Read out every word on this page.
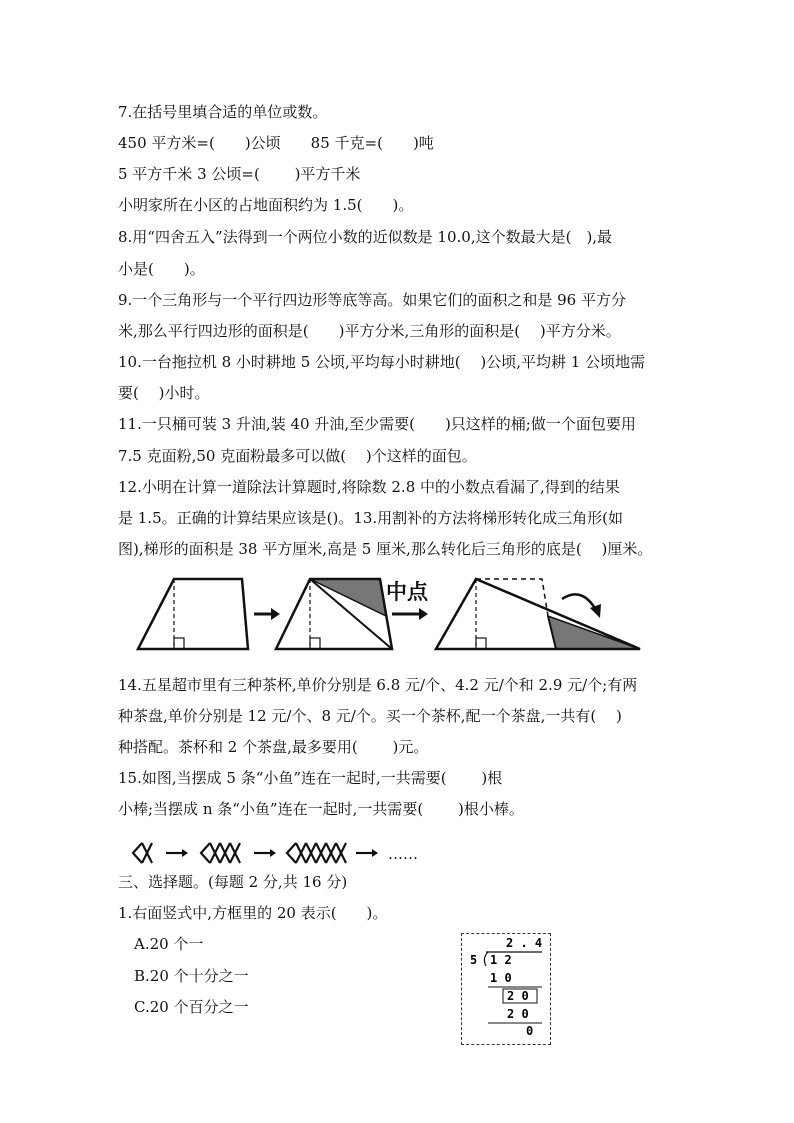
7.在括号里填合适的单位或数。
450 平方米=(　　)公顷　　85 千克=(　　)吨
5 平方千米 3 公顷=(　　 )平方千米
小明家所在小区的占地面积约为 1.5(　　)。
8.用“四舍五入”法得到一个两位小数的近似数是 10.0,这个数最大是(　),最
小是(　　)。
9.一个三角形与一个平行四边形等底等高。如果它们的面积之和是 96 平方分
米,那么平行四边形的面积是(　　)平方分米,三角形的面积是(　 )平方分米。
10.一台拖拉机 8 小时耕地 5 公顷,平均每小时耕地(　 )公顷,平均耕 1 公顷地需
要(　 )小时。
11.一只桶可装 3 升油,装 40 升油,至少需要(　　)只这样的桶;做一个面包要用
7.5 克面粉,50 克面粉最多可以做(　 )个这样的面包。
12.小明在计算一道除法计算题时,将除数 2.8 中的小数点看漏了,得到的结果
是 1.5。正确的计算结果应该是()。13.用割补的方法将梯形转化成三角形(如
图),梯形的面积是 38 平方厘米,高是 5 厘米,那么转化后三角形的底是(　 )厘米。
中点
14.五星超市里有三种茶杯,单价分别是 6.8 元/个、4.2 元/个和 2.9 元/个;有两
种茶盘,单价分别是 12 元/个、8 元/个。买一个茶杯,配一个茶盘,一共有(　 )
种搭配。茶杯和 2 个茶盘,最多要用(　　 )元。
15.如图,当摆成 5 条“小鱼”连在一起时,一共需要(　　 )根
小棒;当摆成 n 条“小鱼”连在一起时,一共需要(　　 )根小棒。
……
三、选择题。(每题 2 分,共 16 分)
1.右面竖式中,方框里的 20 表示(　　)。
A.20 个一
B.20 个十分之一
C.20 个百分之一
2 . 4
5 1 2
1 0
2 0
2 0
0
